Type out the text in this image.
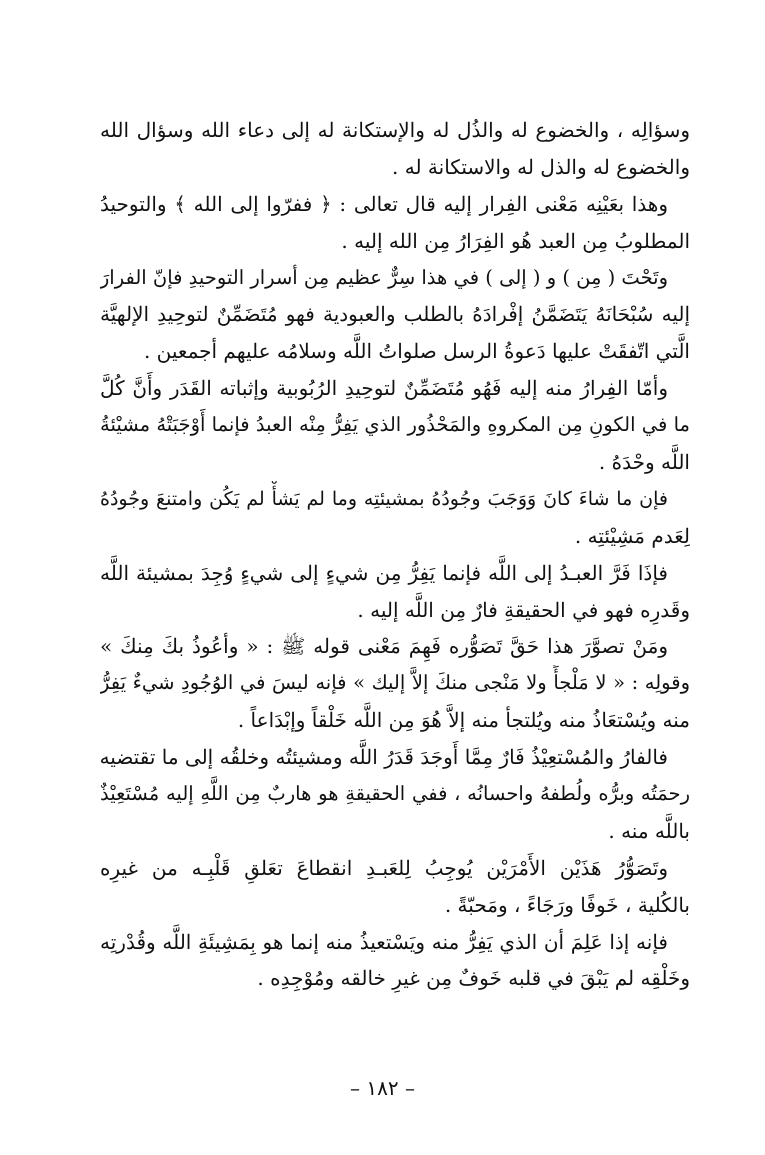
وسؤالِه ، والخضوع له والذُل له والإستكانة له إلى دعاء الله وسؤال الله
والخضوع له والذل له والاستكانة له .
وهذا بعَيْنِه مَعْنى الفِرار إليه قال تعالى : ﴿ ففرّوا إلى الله ﴾ والتوحيدُ
المطلوبُ مِن العبد هُو الفِرَارُ مِن الله إليه .
وتَحْتَ ( مِن ) و ( إلى ) في هذا سِرٌّ عظيم مِن أسرار التوحيدِ فإنّ الفرارَ
إليه سُبْحَانَهُ يَتَضَمَّنُ إفْرادَهُ بالطلب والعبودية فهو مُتَضَمِّنٌ لتوحِيدِ الإلهيَّة
الَّتي اتّفقَتْ عليها دَعوةُ الرسل صلواتُ اللَّه وسلامُه عليهم أجمعين .
وأمّا الفِرارُ منه إليه فَهُو مُتَضَمِّنٌ لتوحِيدِ الرُبُوبية وإثباته القَدَر وأَنَّ كُلَّ
ما في الكونِ مِن المكروهِ والمَحْذُور الذي يَفِرُّ مِنْه العبدُ فإنما أَوْجَبَتْهُ مشيْئةُ
اللَّه وحْدَهُ .
فإن ما شاءَ كانَ وَوَجَبَ وجُودُهُ بمشيئتِه وما لم يَشأْ لم يَكُن وامتنعَ وجُودُهُ
لِعَدم مَشِيْئتِه .
فإذَا فَرَّ العبـدُ إلى اللَّه فإنما يَفِرُّ مِن شيءٍ إلى شيءٍ وُجِدَ بمشيئة اللَّه
وقَدرِه فهو في الحقيقةِ فارٌ مِن اللَّه إليه .
ومَنْ تصوَّرَ هذا حَقَّ تَصَوُّره فَهِمَ مَعْنى قوله ﷺ : « وأعُوذُ بكَ مِنكَ »
وقولِه : « لا مَلْجأً ولا مَنْجى منكَ إلاَّ إليك » فإنه ليسَ في الوُجُودِ شيءٌ يَفِرُّ
منه ويُسْتعَاذُ منه ويُلتجأ منه إلاَّ هُوَ مِن اللَّه خَلْقاً وإبْدَاعاً .
فالفارُ والمُسْتعِيْذُ فَارٌ مِمَّا أَوجَدَ قَدَرُ اللَّه ومشيئتُه وخلقُه إلى ما تقتضيه
رحمَتُه وبرُّه ولُطفهُ واحسانُه ، ففي الحقيقةِ هو هاربٌ مِن اللَّهِ إليه مُسْتَعِيْذٌ
باللَّه منه .
وتَصَوُّرُ هَذَيْن الأَمْرَيْن يُوجِبُ لِلعَبـدِ انقطاعَ تعَلقِ قَلْبِـه من غيرِه
بالكُلية ، خَوفًا ورَجَاءً ، ومَحبّةً .
فإنه إذا عَلِمَ أن الذي يَفِرُّ منه ويَسْتعيذُ منه إنما هو بِمَشِيئَةِ اللَّه وقُدْرتِه
وخَلْقِه لم يَبْقَ في قلبه خَوفٌ مِن غيرِ خالقه ومُوْجِدِه .
– ١٨٢ –
